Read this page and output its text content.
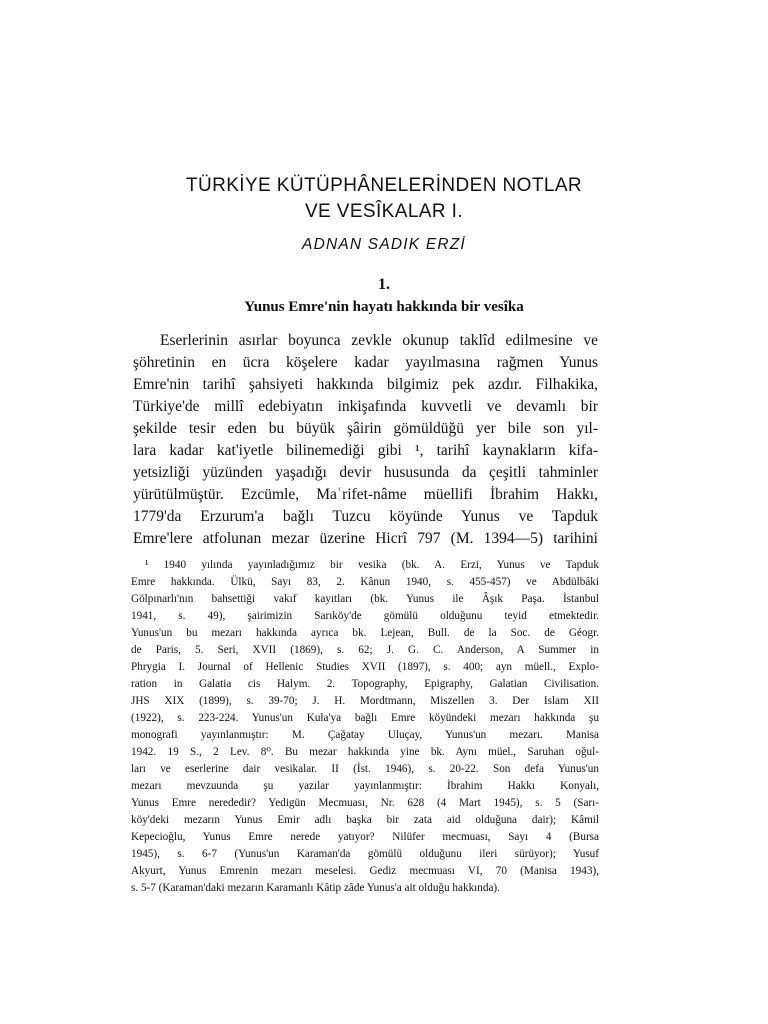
TÜRKİYE KÜTÜPHÂNELERİNDEN NOTLAR
VE VESÎKALAR I.
ADNAN SADIK ERZİ
1.
Yunus Emre'nin hayatı hakkında bir vesîka
Eserlerinin asırlar boyunca zevkle okunup taklîd edilmesine ve
şöhretinin en ücra köşelere kadar yayılmasına rağmen Yunus
Emre'nin tarihî şahsiyeti hakkında bilgimiz pek azdır. Filhakika,
Türkiye'de millî edebiyatın inkişafında kuvvetli ve devamlı bir
şekilde tesir eden bu büyük şâirin gömüldüğü yer bile son yıl-
lara kadar kat'iyetle bilinemediği gibi ¹, tarihî kaynakların kifa-
yetsizliği yüzünden yaşadığı devir hususunda da çeşitli tahminler
yürütülmüştür. Ezcümle, Maʿrifet-nâme müellifi İbrahim Hakkı,
1779'da Erzurum'a bağlı Tuzcu köyünde Yunus ve Tapduk
Emre'lere atfolunan mezar üzerine Hicrî 797 (M. 1394—5) tarihini
¹ 1940 yılında yayınladığımız bir vesika (bk. A. Erzi, Yunus ve Tapduk
Emre hakkında. Ülkü, Sayı 83, 2. Kânun 1940, s. 455-457) ve Abdülbâki
Gölpınarlı'nın bahsettiği vakıf kayıtları (bk. Yunus ile Âşık Paşa. İstanbul
1941, s. 49), şairimizin Sarıköy'de gömülü olduğunu teyid etmektedir.
Yunus'un bu mezarı hakkında ayrıca bk. Lejean, Bull. de la Soc. de Géogr.
de Paris, 5. Seri, XVII (1869), s. 62; J. G. C. Anderson, A Summer in
Phrygia I. Journal of Hellenic Studies XVII (1897), s. 400; ayn müell., Explo-
ration in Galatia cis Halym. 2. Topography, Epigraphy, Galatian Civilisation.
JHS XIX (1899), s. 39-70; J. H. Mordtmann, Miszellen 3. Der Islam XII
(1922), s. 223-224. Yunus'un Kula'ya bağlı Emre köyündeki mezarı hakkında şu
monografi yayınlanmıştır: M. Çağatay Uluçay, Yunus'un mezarı. Manisa
1942. 19 S., 2 Lev. 8⁰. Bu mezar hakkında yine bk. Aynı müel., Saruhan oğul-
ları ve eserlerine dair vesikalar. II (İst. 1946), s. 20-22. Son defa Yunus'un
mezarı mevzuunda şu yazılar yayınlanmıştır: İbrahim Hakkı Konyalı,
Yunus Emre neredediṙ? Yedigün Mecmuası, Nr. 628 (4 Mart 1945), s. 5 (Sarı-
köy'deki mezarın Yunus Emir adlı başka bir zata aid olduğuna dair); Kâmil
Kepecioğlu, Yunus Emre nerede yatıyor? Nilüfer mecmuası, Sayı 4 (Bursa
1945), s. 6-7 (Yunus'un Karaman'da gömülü olduğunu ileri sürüyor); Yusuf
Akyurt, Yunus Emrenin mezarı meselesi. Gediz mecmuası VI, 70 (Manisa 1943),
s. 5-7 (Karaman'daki mezarın Karamanlı Kâtip zâde Yunus'a ait olduğu hakkında).
